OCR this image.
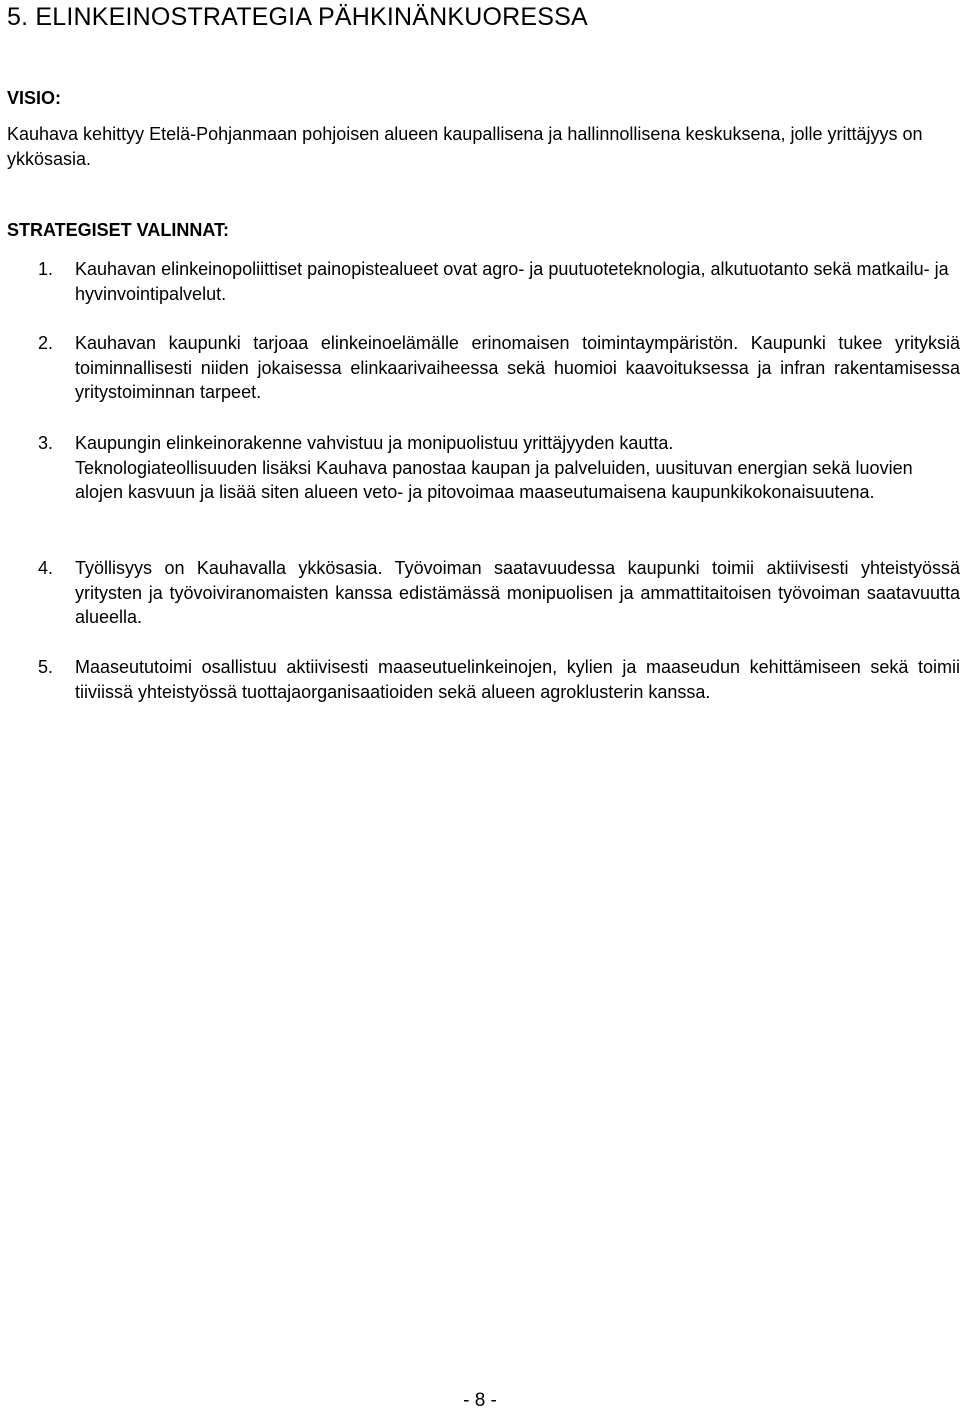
5. ELINKEINOSTRATEGIA PÄHKINÄNKUORESSA
VISIO:

Kauhava kehittyy Etelä-Pohjanmaan pohjoisen alueen kaupallisena ja hallinnollisena keskuksena, jolle yrittäjyys on ykkösasia.

STRATEGISET VALINNAT:
1.	Kauhavan elinkeinopoliittiset painopistealueet ovat agro- ja puutuoteteknologia, alkutuotanto sekä matkailu- ja hyvinvointipalvelut.

2.	Kauhavan kaupunki tarjoaa elinkeinoelämälle erinomaisen toimintaympäristön. Kaupunki tukee yrityksiä toiminnallisesti niiden jokaisessa elinkaarivaiheessa sekä huomioi kaavoituksessa ja infran rakentamisessa yritystoiminnan tarpeet.

3.	Kaupungin elinkeinorakenne vahvistuu ja monipuolistuu yrittäjyyden kautta.

Teknologiateollisuuden lisäksi Kauhava panostaa kaupan ja palveluiden, uusituvan energian sekä luovien alojen kasvuun ja lisää siten alueen veto- ja pitovoimaa maaseutumaisena kaupunkikokonaisuutena.

4.	Työllisyys on Kauhavalla ykkösasia. Työvoiman saatavuudessa kaupunki toimii aktiivisesti yhteistyössä yritysten ja työvoiviranomaisten kanssa edistämässä monipuolisen ja ammattitaitoisen työvoiman saatavuutta alueella.

5.	Maaseututoimi osallistuu aktiivisesti maaseutuelinkeinojen, kylien ja maaseudun kehittämiseen sekä toimii tiiviissä yhteistyössä tuottajaorganisaatioiden sekä alueen agroklusterin kanssa.

- 8 -
